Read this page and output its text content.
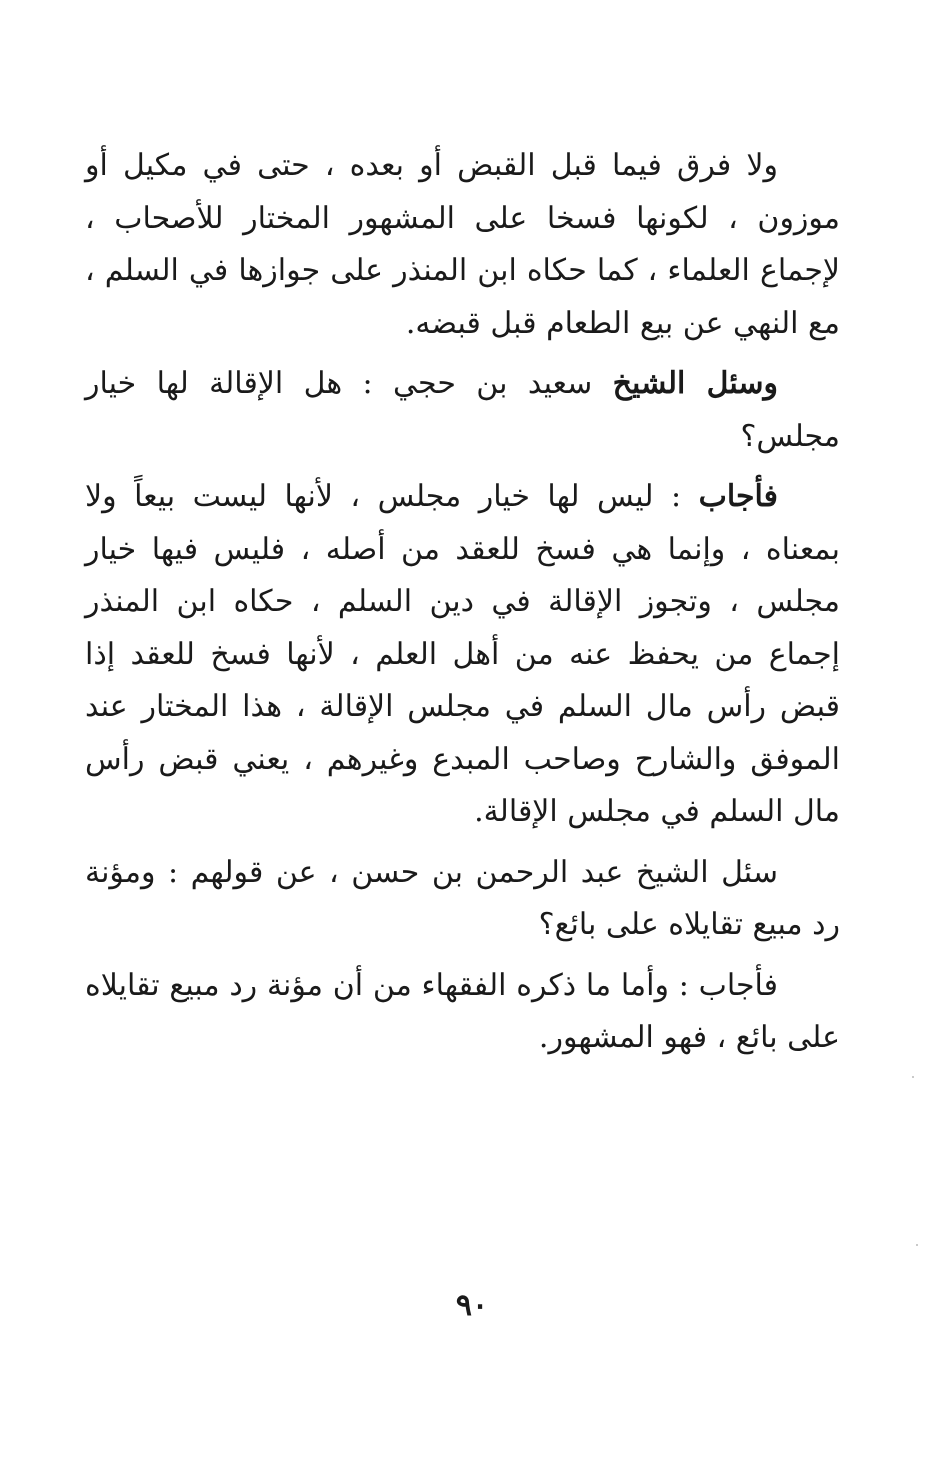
ولا فرق فيما قبل القبض أو بعده ، حتى في مكيل أو موزون ، لكونها فسخا على المشهور المختار للأصحاب ، لإجماع العلماء ، كما حكاه ابن المنذر على جوازها في السلم ، مع النهي عن بيع الطعام قبل قبضه.

وسئل الشيخ سعيد بن حجي : هل الإقالة لها خيار مجلس؟

فأجاب : ليس لها خيار مجلس ، لأنها ليست بيعاً ولا بمعناه ، وإنما هي فسخ للعقد من أصله ، فليس فيها خيار مجلس ، وتجوز الإقالة في دين السلم ، حكاه ابن المنذر إجماع من يحفظ عنه من أهل العلم ، لأنها فسخ للعقد إذا قبض رأس مال السلم في مجلس الإقالة ، هذا المختار عند الموفق والشارح وصاحب المبدع وغيرهم ، يعني قبض رأس مال السلم في مجلس الإقالة.

سئل الشيخ عبد الرحمن بن حسن ، عن قولهم : ومؤنة رد مبيع تقايلاه على بائع؟

فأجاب : وأما ما ذكره الفقهاء من أن مؤنة رد مبيع تقايلاه على بائع ، فهو المشهور.

٩٠
